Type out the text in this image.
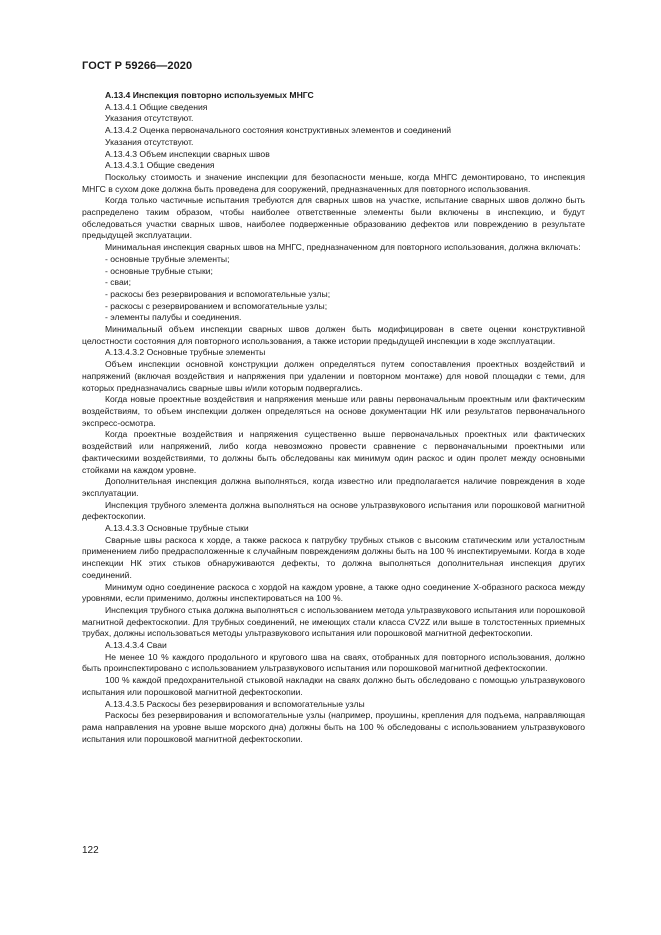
ГОСТ Р 59266—2020

А.13.4 Инспекция повторно используемых МНГС

А.13.4.1 Общие сведения

Указания отсутствуют.

А.13.4.2 Оценка первоначального состояния конструктивных элементов и соединений

Указания отсутствуют.

А.13.4.3 Объем инспекции сварных швов

А.13.4.3.1 Общие сведения

Поскольку стоимость и значение инспекции для безопасности меньше, когда МНГС демонтировано, то инспекция МНГС в сухом доке должна быть проведена для сооружений, предназначенных для повторного использования.

Когда только частичные испытания требуются для сварных швов на участке, испытание сварных швов должно быть распределено таким образом, чтобы наиболее ответственные элементы были включены в инспекцию, и будут обследоваться участки сварных швов, наиболее подверженные образованию дефектов или повреждению в результате предыдущей эксплуатации.

Минимальная инспекция сварных швов на МНГС, предназначенном для повторного использования, должна включать:

- основные трубные элементы;

- основные трубные стыки;

- сваи;

- раскосы без резервирования и вспомогательные узлы;

- раскосы с резервированием и вспомогательные узлы;

- элементы палубы и соединения.

Минимальный объем инспекции сварных швов должен быть модифицирован в свете оценки конструктивной целостности состояния для повторного использования, а также истории предыдущей инспекции в ходе эксплуатации.

А.13.4.3.2 Основные трубные элементы

Объем инспекции основной конструкции должен определяться путем сопоставления проектных воздействий и напряжений (включая воздействия и напряжения при удалении и повторном монтаже) для новой площадки с теми, для которых предназначались сварные швы и/или которым подвергались.

Когда новые проектные воздействия и напряжения меньше или равны первоначальным проектным или фактическим воздействиям, то объем инспекции должен определяться на основе документации НК или результатов первоначального экспресс-осмотра.

Когда проектные воздействия и напряжения существенно выше первоначальных проектных или фактических воздействий или напряжений, либо когда невозможно провести сравнение с первоначальными проектными или фактическими воздействиями, то должны быть обследованы как минимум один раскос и один пролет между основными стойками на каждом уровне.

Дополнительная инспекция должна выполняться, когда известно или предполагается наличие повреждения в ходе эксплуатации.

Инспекция трубного элемента должна выполняться на основе ультразвукового испытания или порошковой магнитной дефектоскопии.

А.13.4.3.3 Основные трубные стыки

Сварные швы раскоса к хорде, а также раскоса к патрубку трубных стыков с высоким статическим или усталостным применением либо предрасположенные к случайным повреждениям должны быть на 100 % инспектируемыми. Когда в ходе инспекции НК этих стыков обнаруживаются дефекты, то должна выполняться дополнительная инспекция других соединений.

Минимум одно соединение раскоса с хордой на каждом уровне, а также одно соединение Х-образного раскоса между уровнями, если применимо, должны инспектироваться на 100 %.

Инспекция трубного стыка должна выполняться с использованием метода ультразвукового испытания или порошковой магнитной дефектоскопии. Для трубных соединений, не имеющих стали класса CV2Z или выше в толстостенных приемных трубах, должны использоваться методы ультразвукового испытания или порошковой магнитной дефектоскопии.

А.13.4.3.4 Сваи

Не менее 10 % каждого продольного и кругового шва на сваях, отобранных для повторного использования, должно быть проинспектировано с использованием ультразвукового испытания или порошковой магнитной дефектоскопии.

100 % каждой предохранительной стыковой накладки на сваях должно быть обследовано с помощью ультразвукового испытания или порошковой магнитной дефектоскопии.

А.13.4.3.5 Раскосы без резервирования и вспомогательные узлы

Раскосы без резервирования и вспомогательные узлы (например, проушины, крепления для подъема, направляющая рама направления на уровне выше морского дна) должны быть на 100 % обследованы с использованием ультразвукового испытания или порошковой магнитной дефектоскопии.

122
